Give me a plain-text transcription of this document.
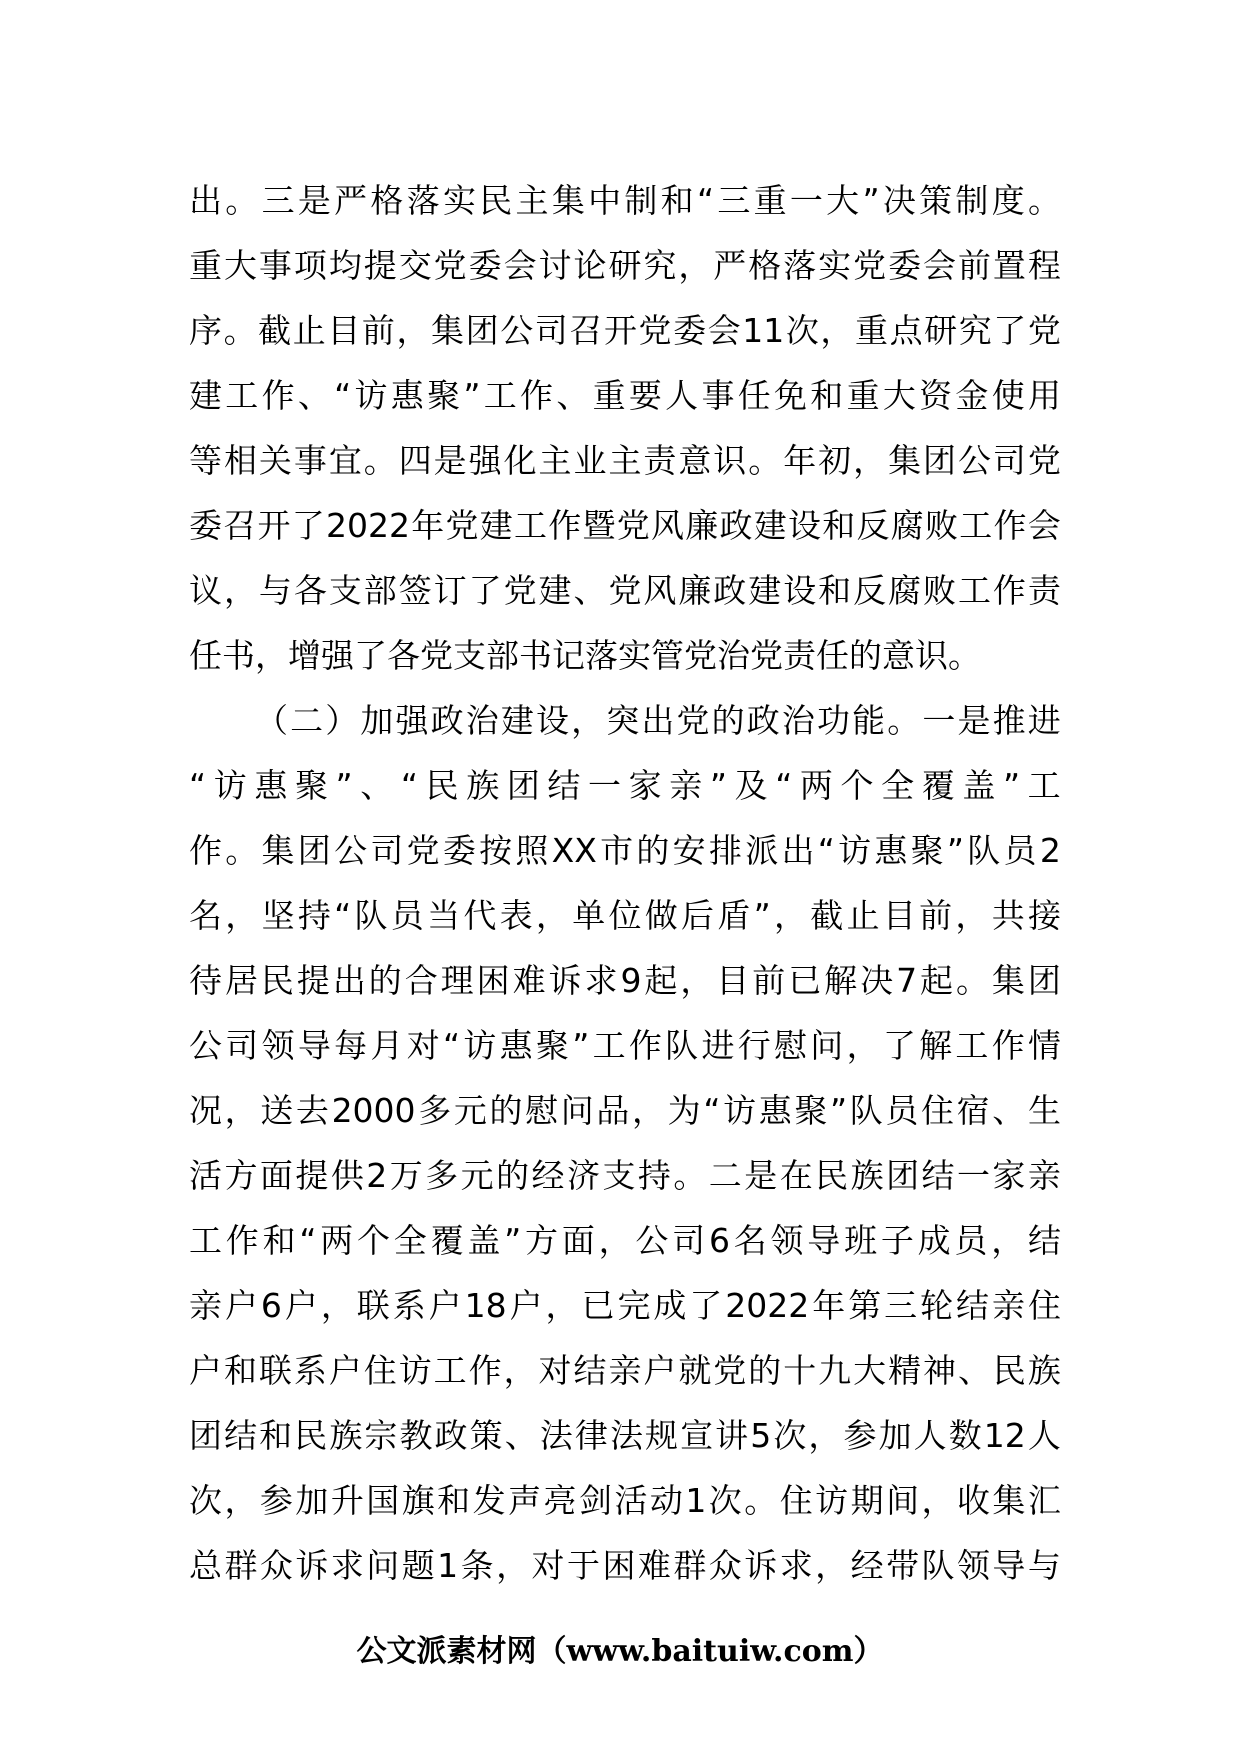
出 。 三 是 严 格 落 实 民 主 集 中 制 和 “ 三 重 一 大 ” 决 策 制 度 。
重 大 事 项 均 提 交 党 委 会 讨 论 研 究 ， 严 格 落 实 党 委 会 前 置 程
序 。 截 止 目 前 ， 集 团 公 司 召 开 党 委 会 11 次 ， 重 点 研 究 了 党
建 工 作 、 “ 访 惠 聚 ” 工 作 、 重 要 人 事 任 免 和 重 大 资 金 使 用
等 相 关 事 宜 。 四 是 强 化 主 业 主 责 意 识 。 年 初 ， 集 团 公 司 党
委 召 开 了 2022 年 党 建 工 作 暨 党 风 廉 政 建 设 和 反 腐 败 工 作 会
议 ， 与 各 支 部 签 订 了 党 建 、 党 风 廉 政 建 设 和 反 腐 败 工 作 责
任书，增强了各党支部书记落实管党治党责任的意识。
（ 二 ） 加 强 政 治 建 设 ， 突 出 党 的 政 治 功 能 。 一 是 推 进
“ 访 惠 聚 ” 、 “ 民 族 团 结 一 家 亲 ” 及 “ 两 个 全 覆 盖 ” 工
作 。 集 团 公 司 党 委 按 照 XX 市 的 安 排 派 出 “ 访 惠 聚 ” 队 员 2
名 ， 坚 持 “ 队 员 当 代 表 ， 单 位 做 后 盾 ” ， 截 止 目 前 ， 共 接
待 居 民 提 出 的 合 理 困 难 诉 求 9 起 ， 目 前 已 解 决 7 起 。 集 团
公 司 领 导 每 月 对 “ 访 惠 聚 ” 工 作 队 进 行 慰 问 ， 了 解 工 作 情
况 ， 送 去 2000 多 元 的 慰 问 品 ， 为 “ 访 惠 聚 ” 队 员 住 宿 、 生
活 方 面 提 供 2 万 多 元 的 经 济 支 持 。 二 是 在 民 族 团 结 一 家 亲
工 作 和 “ 两 个 全 覆 盖 ” 方 面 ， 公 司 6 名 领 导 班 子 成 员 ， 结
亲 户 6 户 ， 联 系 户 18 户 ， 已 完 成 了 2022 年 第 三 轮 结 亲 住
户 和 联 系 户 住 访 工 作 ， 对 结 亲 户 就 党 的 十 九 大 精 神 、 民 族
团 结 和 民 族 宗 教 政 策 、 法 律 法 规 宣 讲 5 次 ， 参 加 人 数 12 人
次 ， 参 加 升 国 旗 和 发 声 亮 剑 活 动 1 次 。 住 访 期 间 ， 收 集 汇
总 群 众 诉 求 问 题 1 条 ， 对 于 困 难 群 众 诉 求 ， 经 带 队 领 导 与
公文派素材网（www.baituiw.com）
